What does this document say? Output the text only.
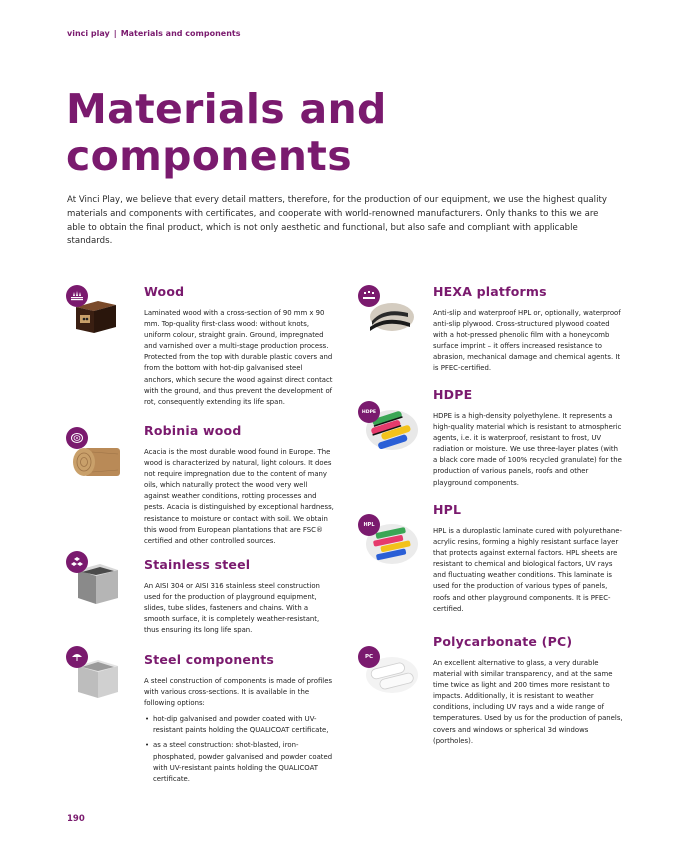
vinci play | Materials and components
Materials and components

At Vinci Play, we believe that every detail matters, therefore, for the production of our equipment, we use the highest quality materials and components with certificates, and cooperate with world-renowned manufacturers. Only thanks to this we are able to obtain the final product, which is not only aesthetic and functional, but also safe and compliant with applicable standards.

Wood

Laminated wood with a cross-section of 90 mm x 90 mm. Top-quality first-class wood: without knots, uniform colour, straight grain. Ground, impregnated and varnished over a multi-stage production process. Protected from the top with durable plastic covers and from the bottom with hot-dip galvanised steel anchors, which secure the wood against direct contact with the ground, and thus prevent the development of rot, consequently extending its life span.

Robinia wood

Acacia is the most durable wood found in Europe. The wood is characterized by natural, light colours. It does not require impregnation due to the content of many oils, which naturally protect the wood very well against weather conditions, rotting processes and pests. Acacia is distinguished by exceptional hardness, resistance to moisture or contact with soil. We obtain this wood from European plantations that are FSC® certified and other controlled sources.

Stainless steel

An AISI 304 or AISI 316 stainless steel construction used for the production of playground equipment, slides, tube slides, fasteners and chains. With a smooth surface, it is completely weather-resistant, thus ensuring its long life span.

Steel components

A steel construction of components is made of profiles with various cross-sections. It is available in the following options:

• hot-dip galvanised and powder coated with UV-resistant paints holding the QUALICOAT certificate,
• as a steel construction: shot-blasted, iron-phosphated, powder galvanised and powder coated with UV-resistant paints holding the QUALICOAT certificate.
HEXA platforms

Anti-slip and waterproof HPL or, optionally, waterproof anti-slip plywood. Cross-structured plywood coated with a hot-pressed phenolic film with a honeycomb surface imprint – it offers increased resistance to abrasion, mechanical damage and chemical agents. It is PFEC-certified.

HDPE
HDPE

HDPE is a high-density polyethylene. It represents a high-quality material which is resistant to atmospheric agents, i.e. it is waterproof, resistant to frost, UV radiation or moisture. We use three-layer plates (with a black core made of 100% recycled granulate) for the production of various panels, roofs and other playground components.

HPL
HPL

HPL is a duroplastic laminate cured with polyurethane-acrylic resins, forming a highly resistant surface layer that protects against external factors. HPL sheets are resistant to chemical and biological factors, UV rays and fluctuating weather conditions. This laminate is used for the production of various types of panels, roofs and other playground components. It is PFEC-certified.

PC
Polycarbonate (PC)

An excellent alternative to glass, a very durable material with similar transparency, and at the same time twice as light and 200 times more resistant to impacts. Additionally, it is resistant to weather conditions, including UV rays and a wide range of temperatures. Used by us for the production of panels, covers and windows or spherical 3d windows (portholes).

190
